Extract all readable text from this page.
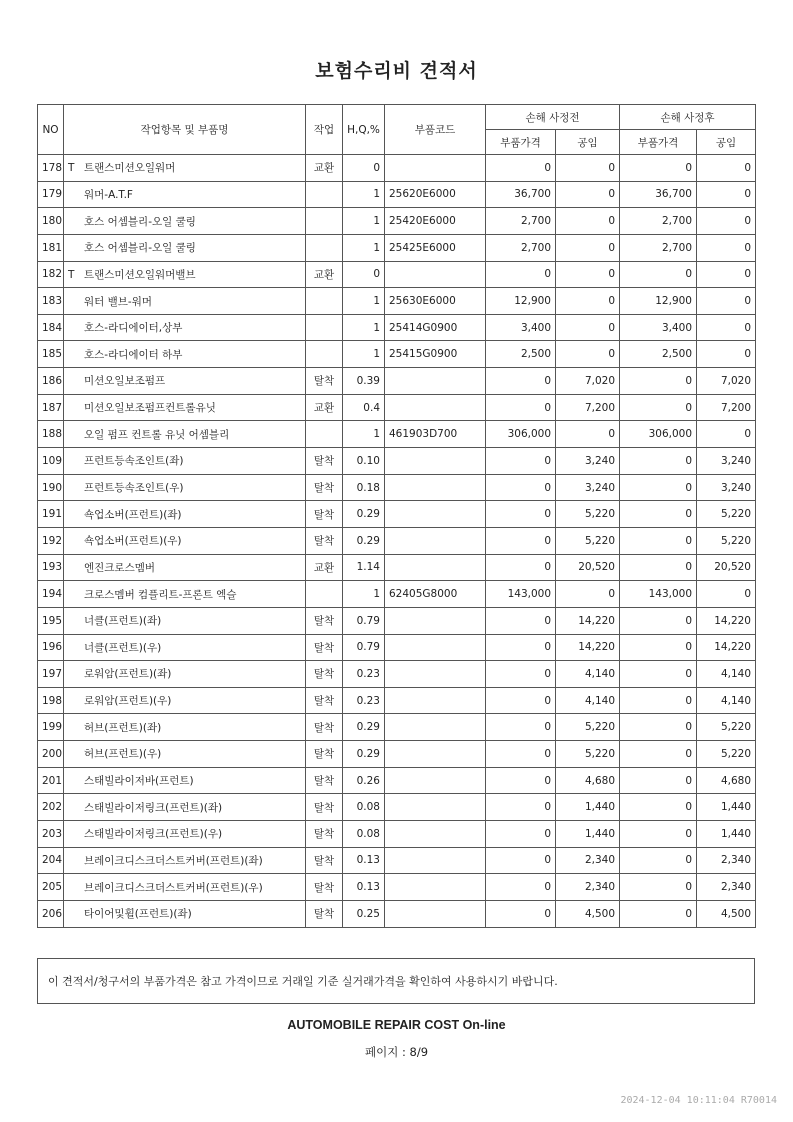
보험수리비 견적서
NO	작업항목 및 부품명	작업	H,Q,%	부품코드	손해 사정전		손해 사정후	
					부품가격	공임	부품가격	공임
178	T 트랜스미션오일워머	교환	0		0	0	0	0
179	워머-A.T.F		1	25620E6000	36,700	0	36,700	0
180	호스 어셈블리-오일 쿨링		1	25420E6000	2,700	0	2,700	0
181	호스 어셈블리-오일 쿨링		1	25425E6000	2,700	0	2,700	0
182	T 트랜스미션오일워머밸브	교환	0		0	0	0	0
183	워터 밸브-워머		1	25630E6000	12,900	0	12,900	0
184	호스-라디에이터,상부		1	25414G0900	3,400	0	3,400	0
185	호스-라디에이터 하부		1	25415G0900	2,500	0	2,500	0
186	미션오일보조펌프	탈착	0.39		0	7,020	0	7,020
187	미션오일보조펌프컨트롤유닛	교환	0.4		0	7,200	0	7,200
188	오일 펌프 컨트롤 유닛 어셈블리		1	461903D700	306,000	0	306,000	0
109	프런트등속조인트(좌)	탈착	0.10		0	3,240	0	3,240
190	프런트등속조인트(우)	탈착	0.18		0	3,240	0	3,240
191	쇽업소버(프런트)(좌)	탈착	0.29		0	5,220	0	5,220
192	쇽업소버(프런트)(우)	탈착	0.29		0	5,220	0	5,220
193	엔진크로스멤버	교환	1.14		0	20,520	0	20,520
194	크로스멤버 컴플리트-프론트 엑슬		1	62405G8000	143,000	0	143,000	0
195	너클(프런트)(좌)	탈착	0.79		0	14,220	0	14,220
196	너클(프런트)(우)	탈착	0.79		0	14,220	0	14,220
197	로워암(프런트)(좌)	탈착	0.23		0	4,140	0	4,140
198	로워암(프런트)(우)	탈착	0.23		0	4,140	0	4,140
199	허브(프런트)(좌)	탈착	0.29		0	5,220	0	5,220
200	허브(프런트)(우)	탈착	0.29		0	5,220	0	5,220
201	스태빌라이저바(프런트)	탈착	0.26		0	4,680	0	4,680
202	스태빌라이저링크(프런트)(좌)	탈착	0.08		0	1,440	0	1,440
203	스태빌라이저링크(프런트)(우)	탈착	0.08		0	1,440	0	1,440
204	브레이크디스크더스트커버(프런트)(좌)	탈착	0.13		0	2,340	0	2,340
205	브레이크디스크더스트커버(프런트)(우)	탈착	0.13		0	2,340	0	2,340
206	타이어및휠(프런트)(좌)	탈착	0.25		0	4,500	0	4,500
이 견적서/청구서의 부품가격은 참고 가격이므로 거래일 기준 실거래가격을 확인하여 사용하시기 바랍니다.
AUTOMOBILE REPAIR COST On-line
페이지 : 8/9
2024-12-04 10:11:04 R70014
